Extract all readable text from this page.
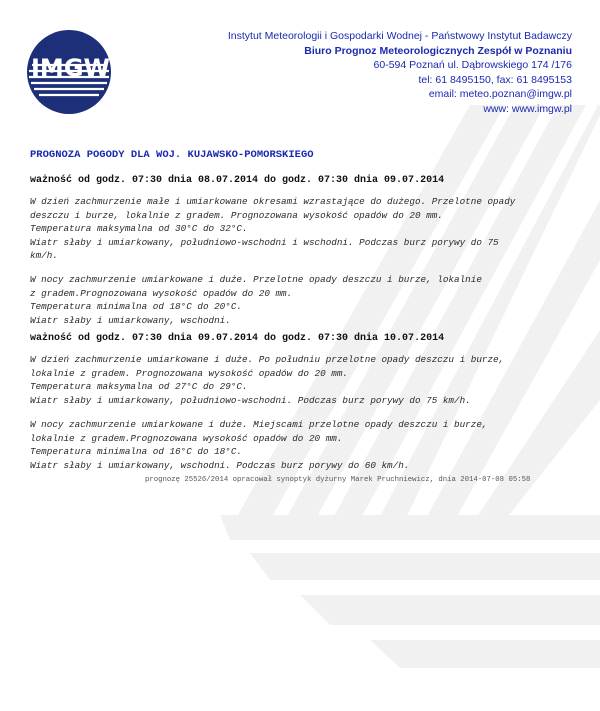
IMGW
Instytut Meteorologii i Gospodarki Wodnej - Państwowy Instytut Badawczy
Biuro Prognoz Meteorologicznych Zespół w Poznaniu
60-594 Poznań ul. Dąbrowskiego 174 /176
tel: 61 8495150, fax: 61 8495153
email: meteo.poznan@imgw.pl
www: www.imgw.pl
PROGNOZA POGODY DLA WOJ. KUJAWSKO-POMORSKIEGO

ważność od godz. 07:30 dnia 08.07.2014 do godz. 07:30 dnia 09.07.2014

W dzień zachmurzenie małe i umiarkowane okresami wzrastające do dużego. Przelotne opady
deszczu i burze, lokalnie z gradem. Prognozowana wysokość opadów do 20 mm.
Temperatura maksymalna od 30°C do 32°C.
Wiatr słaby i umiarkowany, południowo-wschodni i wschodni. Podczas burz porywy do 75
km/h.
W nocy zachmurzenie umiarkowane i duże. Przelotne opady deszczu i burze, lokalnie
z gradem.Prognozowana wysokość opadów do 20 mm.
Temperatura minimalna od 18°C do 20°C.
Wiatr słaby i umiarkowany, wschodni.

ważność od godz. 07:30 dnia 09.07.2014 do godz. 07:30 dnia 10.07.2014

W dzień zachmurzenie umiarkowane i duże. Po południu przelotne opady deszczu i burze,
lokalnie z gradem. Prognozowana wysokość opadów do 20 mm.
Temperatura maksymalna od 27°C do 29°C.
Wiatr słaby i umiarkowany, południowo-wschodni. Podczas burz porywy do 75 km/h.
W nocy zachmurzenie umiarkowane i duże. Miejscami przelotne opady deszczu i burze,
lokalnie z gradem.Prognozowana wysokość opadów do 20 mm.
Temperatura minimalna od 16°C do 18°C.
Wiatr słaby i umiarkowany, wschodni. Podczas burz porywy do 60 km/h.
prognozę 25526/2014 opracował synoptyk dyżurny Marek Pruchniewicz, dnia 2014-07-08 05:58
